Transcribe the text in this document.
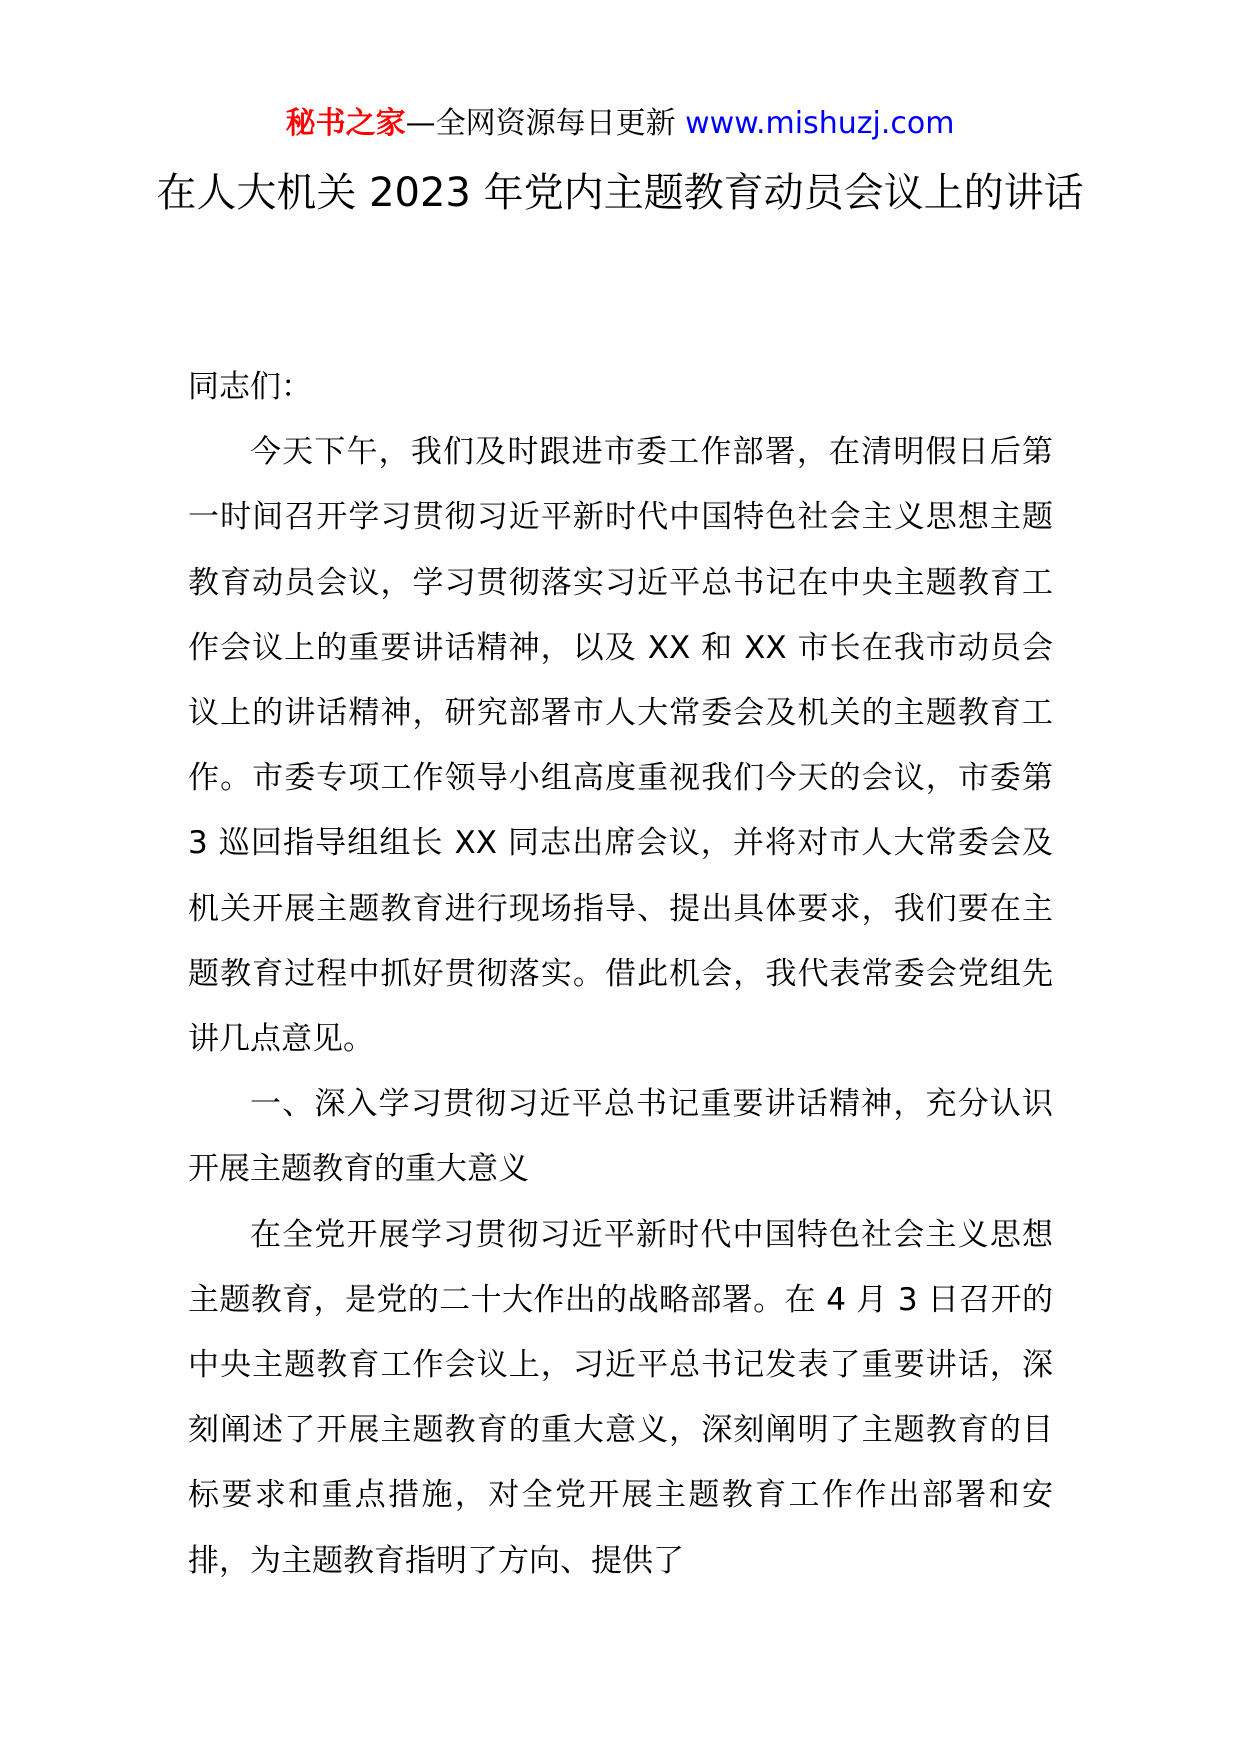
秘书之家—全网资源每日更新 www.mishuzj.com
在人大机关 2023 年党内主题教育动员会议上的讲话

同志们：

今天下午，我们及时跟进市委工作部署，在清明假日后第一时间召开学习贯彻习近平新时代中国特色社会主义思想主题教育动员会议，学习贯彻落实习近平总书记在中央主题教育工作会议上的重要讲话精神，以及 XX 和 XX 市长在我市动员会议上的讲话精神，研究部署市人大常委会及机关的主题教育工作。市委专项工作领导小组高度重视我们今天的会议，市委第 3 巡回指导组组长 XX 同志出席会议，并将对市人大常委会及机关开展主题教育进行现场指导、提出具体要求，我们要在主题教育过程中抓好贯彻落实。借此机会，我代表常委会党组先讲几点意见。

一、深入学习贯彻习近平总书记重要讲话精神，充分认识开展主题教育的重大意义

在全党开展学习贯彻习近平新时代中国特色社会主义思想主题教育，是党的二十大作出的战略部署。在 4 月 3 日召开的中央主题教育工作会议上，习近平总书记发表了重要讲话，深刻阐述了开展主题教育的重大意义，深刻阐明了主题教育的目标要求和重点措施，对全党开展主题教育工作作出部署和安排，为主题教育指明了方向、提供了
